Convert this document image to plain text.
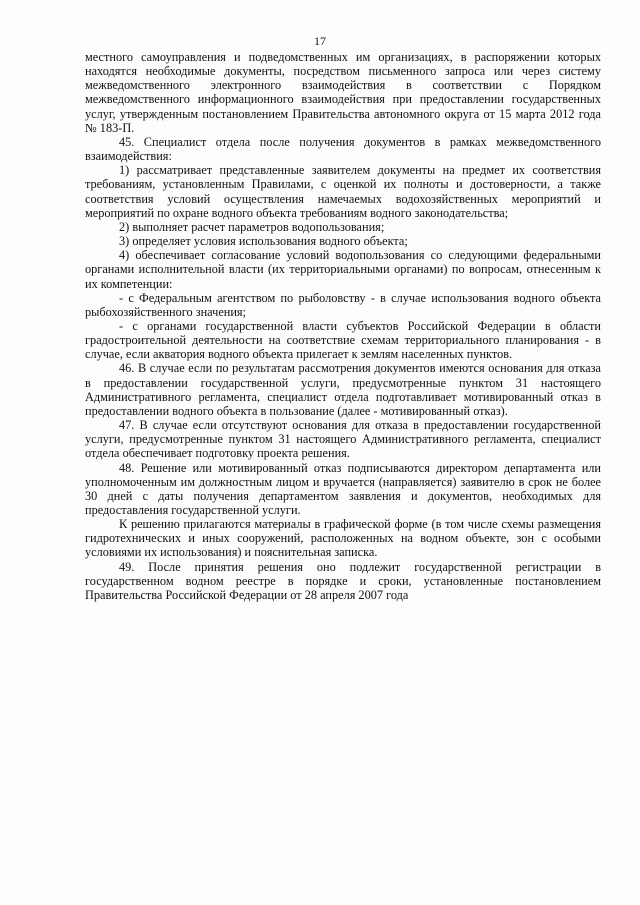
17

местного самоуправления и подведомственных им организациях, в распоряжении которых находятся необходимые документы, посредством письменного запроса или через систему межведомственного электронного взаимодействия в соответствии с Порядком межведомственного информационного взаимодействия при предоставлении государственных услуг, утвержденным постановлением Правительства автономного округа от 15 марта 2012 года № 183-П.

45. Специалист отдела после получения документов в рамках межведомственного взаимодействия:

1) рассматривает представленные заявителем документы на предмет их соответствия требованиям, установленным Правилами, с оценкой их полноты и достоверности, а также соответствия условий осуществления намечаемых водохозяйственных мероприятий и мероприятий по охране водного объекта требованиям водного законодательства;

2) выполняет расчет параметров водопользования;

3) определяет условия использования водного объекта;

4) обеспечивает согласование условий водопользования со следующими федеральными органами исполнительной власти (их территориальными органами) по вопросам, отнесенным к их компетенции:

- с Федеральным агентством по рыболовству - в случае использования водного объекта рыбохозяйственного значения;

- с органами государственной власти субъектов Российской Федерации в области градостроительной деятельности на соответствие схемам территориального планирования - в случае, если акватория водного объекта прилегает к землям населенных пунктов.

46. В случае если по результатам рассмотрения документов имеются основания для отказа в предоставлении государственной услуги, предусмотренные пунктом 31 настоящего Административного регламента, специалист отдела подготавливает мотивированный отказ в предоставлении водного объекта в пользование (далее - мотивированный отказ).

47. В случае если отсутствуют основания для отказа в предоставлении государственной услуги, предусмотренные пунктом 31 настоящего Административного регламента, специалист отдела обеспечивает подготовку проекта решения.

48. Решение или мотивированный отказ подписываются директором департамента или уполномоченным им должностным лицом и вручается (направляется) заявителю в срок не более 30 дней с даты получения департаментом заявления и документов, необходимых для предоставления государственной услуги.

К решению прилагаются материалы в графической форме (в том числе схемы размещения гидротехнических и иных сооружений, расположенных на водном объекте, зон с особыми условиями их использования) и пояснительная записка.

49. После принятия решения оно подлежит государственной регистрации в государственном водном реестре в порядке и сроки, установленные постановлением Правительства Российской Федерации от 28 апреля 2007 года
